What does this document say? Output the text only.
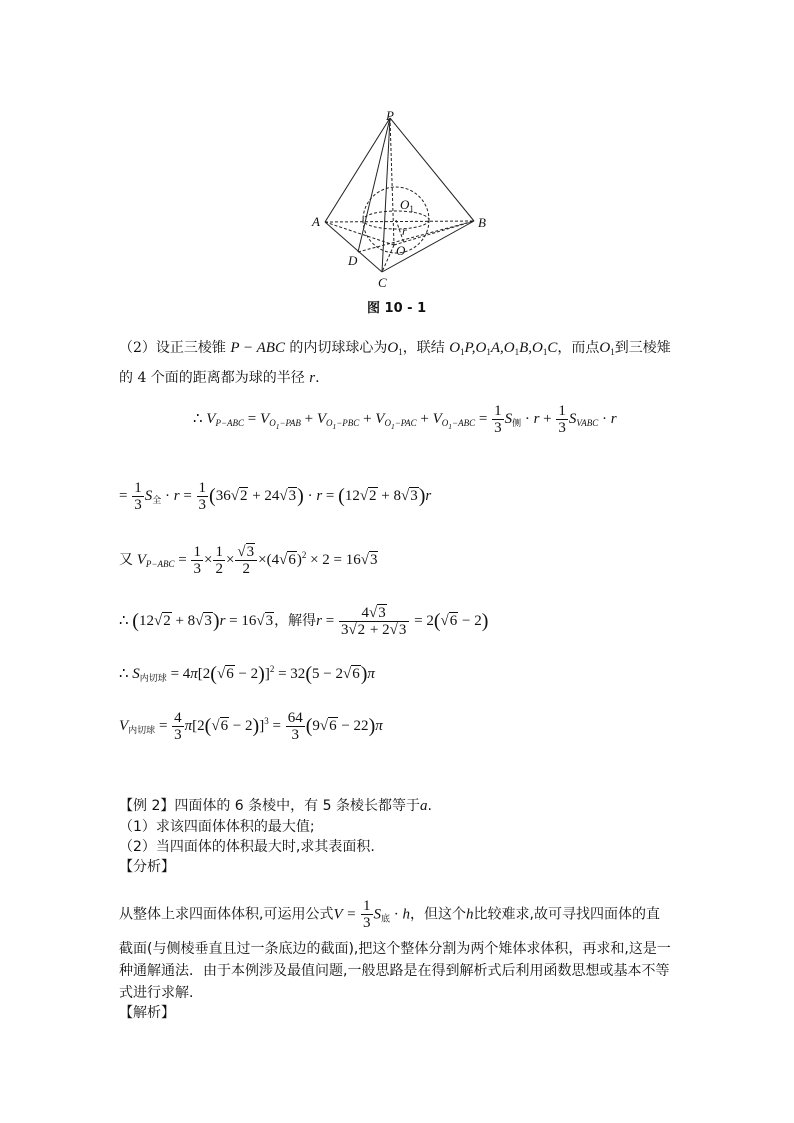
P
A	B
C
D
O
$O_1$
r
图 10 - 1
（2）设正三棱锥 P − ABC 的内切球球心为$O_1$，联结 $O_1P,O_1A,O_1B,O_1C$，而点$O_1$到三棱雉
的 4 个面的距离都为球的半径 r.
∴ $V_{P-ABC} = V_{O_1-PAB} + V_{O_1-PBC} + V_{O_1-PAC} + V_{O_1-ABC} = \frac{1}{3} S_侧 \cdot r + \frac{1}{3} S_{VABC} \cdot r$
= $\frac{1}{3} S_全 \cdot r = \frac{1}{3} (36√2 + 24√3) \cdot r = (12√2 + 8√3)r$
又 $V_{P-ABC} = \frac{1}{3} \times \frac{1}{2} \times \frac{√3}{2} \times(4√6)^2 \times 2 = 16√3$
∴ (12√2 + 8√3)r = 16√3，解得$r = \frac{4√3}{3√2 + 2√3} = 2(√6 - 2)$
∴ $S_{内切球} = 4\pi[2(√6 - 2)]^2 = 32(5 - 2√6)\pi$
$V_{内切球} = \frac{4}{3} \pi[2(√6 - 2)]^3 = \frac{64}{3} (9√6 - 22)\pi$
【例 2】四面体的 6 条棱中，有 5 条棱长都等于a.
（1）求该四面体体积的最大值;
（2）当四面体的体积最大时,求其表面积.
【分析】
从整体上求四面体体积,可运用公式$V = \frac{1}{3} S_底 \cdot h$，但这个h比较难求,故可寻找四面体的直
截面(与侧棱垂直且过一条底边的截面),把这个整体分割为两个雉体求体积，再求和,这是一
种通解通法．由于本例涉及最值问题,一般思路是在得到解析式后利用函数思想或基本不等
式进行求解.
【解析】
